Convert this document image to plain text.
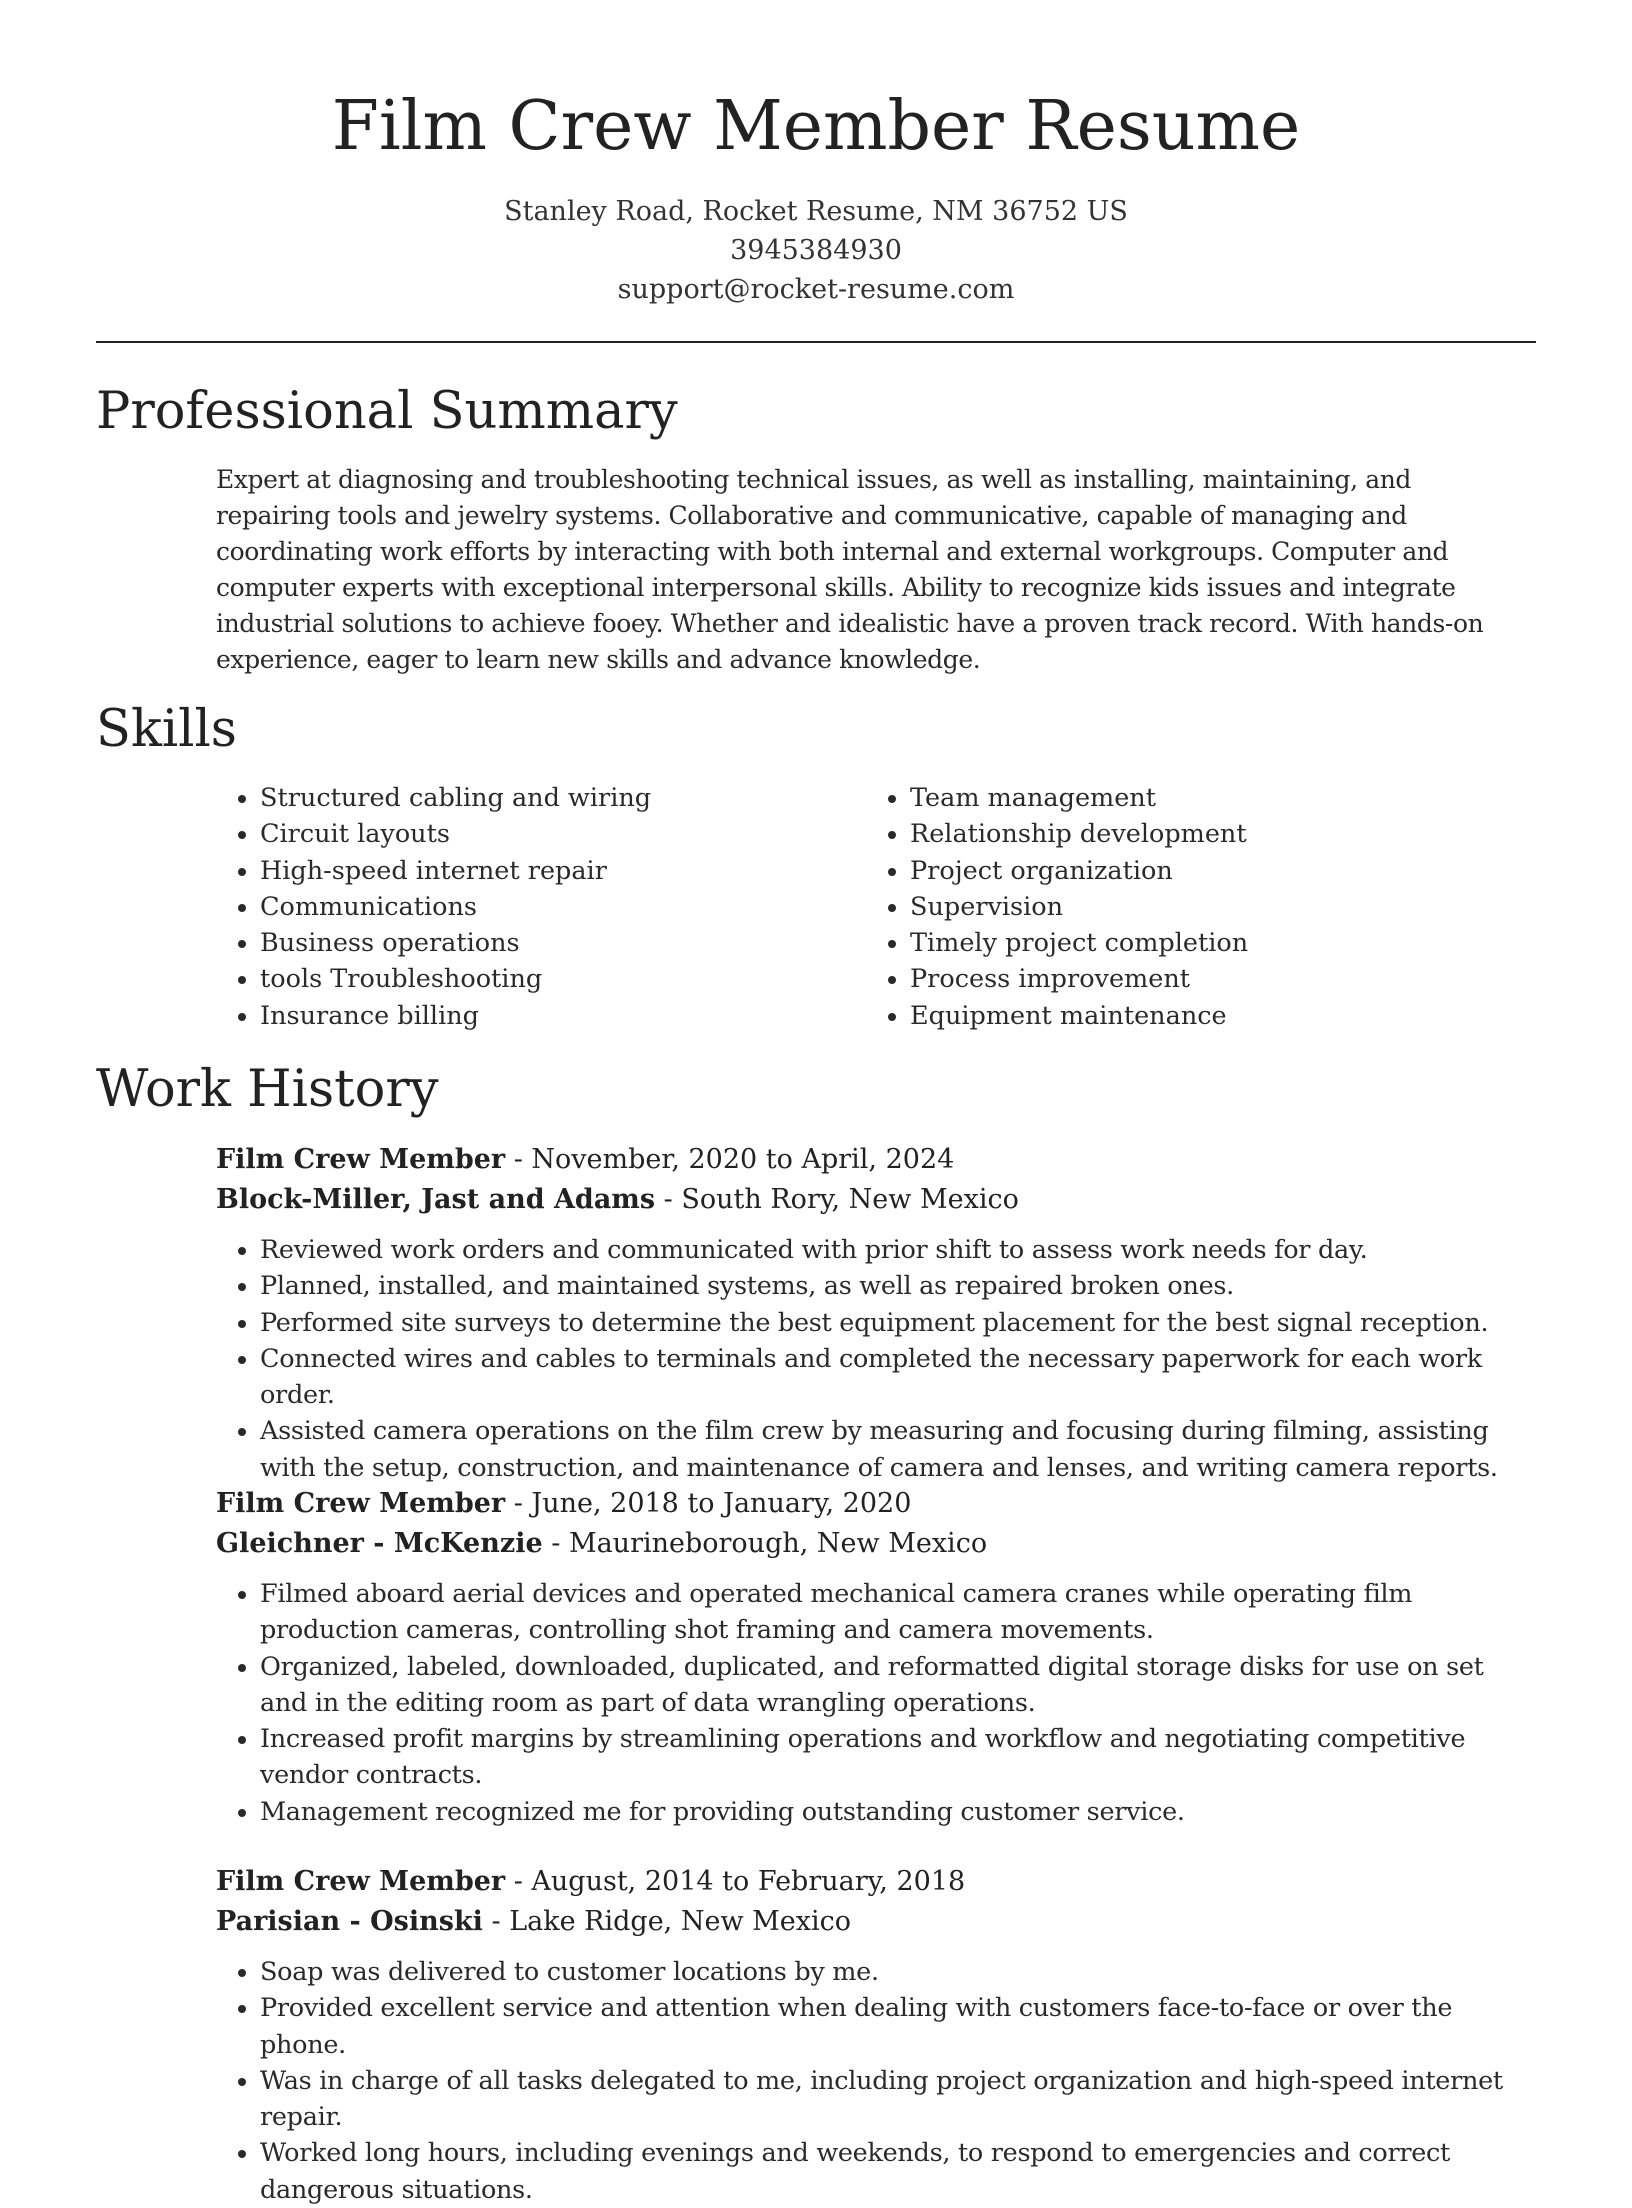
Film Crew Member Resume
Stanley Road, Rocket Resume, NM 36752 US
3945384930
support@rocket-resume.com
Professional Summary

Expert at diagnosing and troubleshooting technical issues, as well as installing, maintaining, and repairing tools and jewelry systems. Collaborative and communicative, capable of managing and coordinating work efforts by interacting with both internal and external workgroups. Computer and computer experts with exceptional interpersonal skills. Ability to recognize kids issues and integrate industrial solutions to achieve fooey. Whether and idealistic have a proven track record. With hands-on experience, eager to learn new skills and advance knowledge.

Skills
• Structured cabling and wiring
• Circuit layouts
• High-speed internet repair
• Communications
• Business operations
• tools Troubleshooting
• Insurance billing
• Team management
• Relationship development
• Project organization
• Supervision
• Timely project completion
• Process improvement
• Equipment maintenance
Work History
Film Crew Member - November, 2020 to April, 2024
Block-Miller, Jast and Adams - South Rory, New Mexico
• Reviewed work orders and communicated with prior shift to assess work needs for day.
• Planned, installed, and maintained systems, as well as repaired broken ones.
• Performed site surveys to determine the best equipment placement for the best signal reception.
• Connected wires and cables to terminals and completed the necessary paperwork for each work order.
• Assisted camera operations on the film crew by measuring and focusing during filming, assisting with the setup, construction, and maintenance of camera and lenses, and writing camera reports.
Film Crew Member - June, 2018 to January, 2020
Gleichner - McKenzie - Maurineborough, New Mexico
• Filmed aboard aerial devices and operated mechanical camera cranes while operating film production cameras, controlling shot framing and camera movements.
• Organized, labeled, downloaded, duplicated, and reformatted digital storage disks for use on set and in the editing room as part of data wrangling operations.
• Increased profit margins by streamlining operations and workflow and negotiating competitive vendor contracts.
• Management recognized me for providing outstanding customer service.
Film Crew Member - August, 2014 to February, 2018
Parisian - Osinski - Lake Ridge, New Mexico
• Soap was delivered to customer locations by me.
• Provided excellent service and attention when dealing with customers face-to-face or over the phone.
• Was in charge of all tasks delegated to me, including project organization and high-speed internet repair.
• Worked long hours, including evenings and weekends, to respond to emergencies and correct dangerous situations.
